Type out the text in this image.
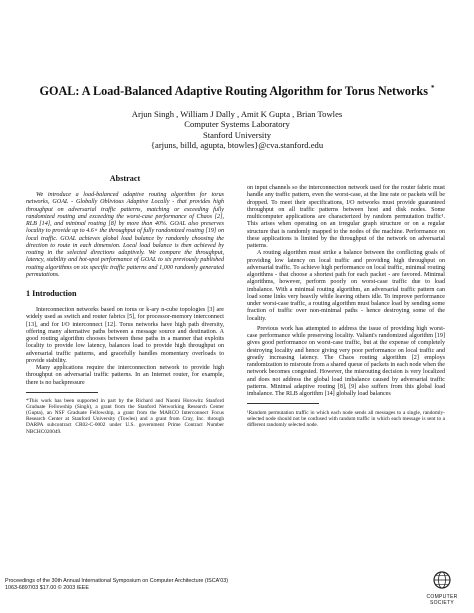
GOAL: A Load-Balanced Adaptive Routing Algorithm for Torus Networks *
Arjun Singh , William J Dally , Amit K Gupta , Brian Towles
Computer Systems Laboratory
Stanford University
{arjuns, billd, agupta, btowles}@cva.stanford.edu
Abstract

We introduce a load-balanced adaptive routing algorithm for torus networks, GOAL - Globally Oblivious Adaptive Locally - that provides high throughput on adversarial traffic patterns, matching or exceeding fully randomized routing and exceeding the worst-case performance of Chaos [2], RLB [14], and minimal routing [8] by more than 40%. GOAL also preserves locality to provide up to 4.6× the throughput of fully randomized routing [19] on local traffic. GOAL achieves global load balance by randomly choosing the direction to route in each dimension. Local load balance is then achieved by routing in the selected directions adaptively. We compare the throughput, latency, stability and hot-spot performance of GOAL to six previously published routing algorithms on six specific traffic patterns and 1,000 randomly generated permutations.

1 Introduction

Interconnection networks based on torus or k-ary n-cube topologies [3] are widely used as switch and router fabrics [5], for processor-memory interconnect [13], and for I/O interconnect [12]. Torus networks have high path diversity, offering many alternative paths between a message source and destination. A good routing algorithm chooses between these paths in a manner that exploits locality to provide low latency, balances load to provide high throughput on adversarial traffic patterns, and gracefully handles momentary overloads to provide stability.

Many applications require the interconnection network to provide high throughput on adversarial traffic patterns. In an Internet router, for example, there is no backpressure

*This work has been supported in part by the Richard and Naomi Horowitz Stanford Graduate Fellowship (Singh), a grant from the Stanford Networking Research Center (Gupta), an NSF Graduate Fellowship, a grant from the MARCO Interconnect Focus Research Center at Stanford University (Towles) and a grant from Cray, Inc. through DARPA subcontract CR02-C-0002 under U.S. government Prime Contract Number NBCHC020049.

on input channels so the interconnection network used for the router fabric must handle any traffic pattern, even the worst-case, at the line rate or packets will be dropped. To meet their specifications, I/O networks must provide guaranteed throughput on all traffic patterns between host and disk nodes. Some multicomputer applications are characterized by random permutation traffic¹. This arises when operating on an irregular graph structure or on a regular structure that is randomly mapped to the nodes of the machine. Performance on these applications is limited by the throughput of the network on adversarial patterns.

A routing algorithm must strike a balance between the conflicting goals of providing low latency on local traffic and providing high throughput on adversarial traffic. To achieve high performance on local traffic, minimal routing algorithms - that choose a shortest path for each packet - are favored. Minimal algorithms, however, perform poorly on worst-case traffic due to load imbalance. With a minimal routing algorithm, an adversarial traffic pattern can load some links very heavily while leaving others idle. To improve performance under worst-case traffic, a routing algorithm must balance load by sending some fraction of traffic over non-minimal paths - hence destroying some of the locality.

Previous work has attempted to address the issue of providing high worst-case performance while preserving locality. Valiant's randomized algorithm [19] gives good performance on worst-case traffic, but at the expense of completely destroying locality and hence giving very poor performance on local traffic and greatly increasing latency. The Chaos routing algorithm [2] employs randomization to misroute from a shared queue of packets in each node when the network becomes congested. However, the misrouting decision is very localized and does not address the global load imbalance caused by adversarial traffic patterns. Minimal adaptive routing [8], [9] also suffers from this global load imbalance. The RLB algorithm [14] globally load balances

¹Random permutation traffic in which each node sends all messages to a single, randomly-selected node should not be confused with random traffic in which each message is sent to a different randomly selected node.

Proceedings of the 30th Annual International Symposium on Computer Architecture (ISCA'03)
1063-6897/03 $17.00 © 2003 IEEE
COMPUTER
SOCIETY
